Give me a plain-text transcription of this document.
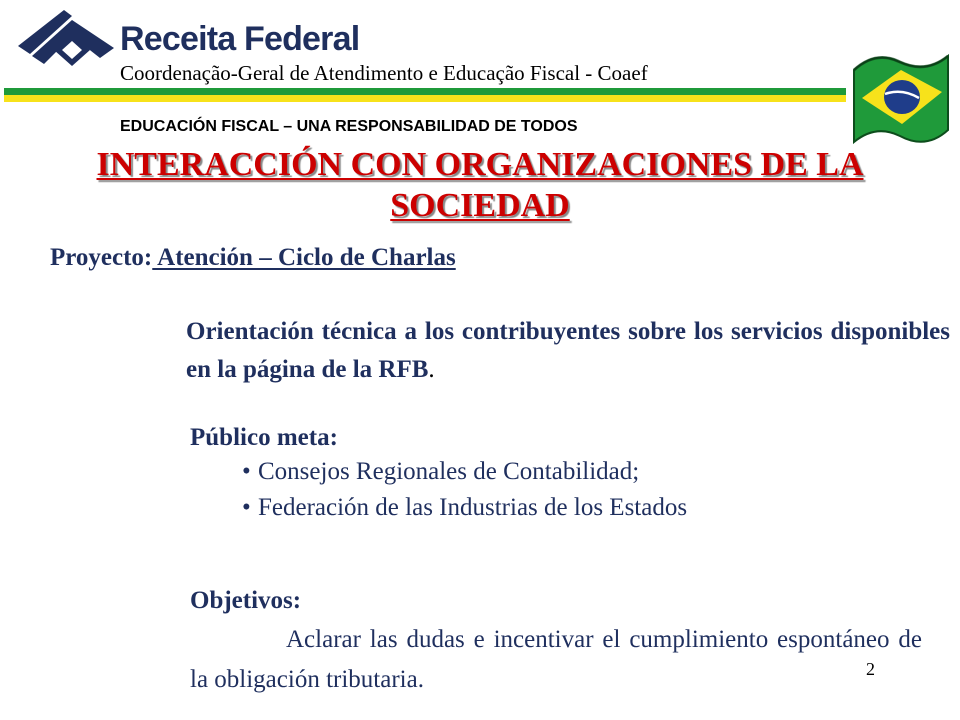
Receita Federal
Coordenação-Geral de Atendimento e Educação Fiscal - Coaef
EDUCACIÓN FISCAL – UNA RESPONSABILIDAD DE TODOS
INTERACCIÓN CON ORGANIZACIONES DE LA SOCIEDAD
Proyecto: Atención – Ciclo de Charlas
Orientación técnica a los contribuyentes sobre los servicios disponibles en la página de la RFB.
Público meta:
• Consejos Regionales de Contabilidad;
• Federación de las Industrias de los Estados
Objetivos:
Aclarar las dudas e incentivar el cumplimiento espontáneo de la obligación tributaria.	2
